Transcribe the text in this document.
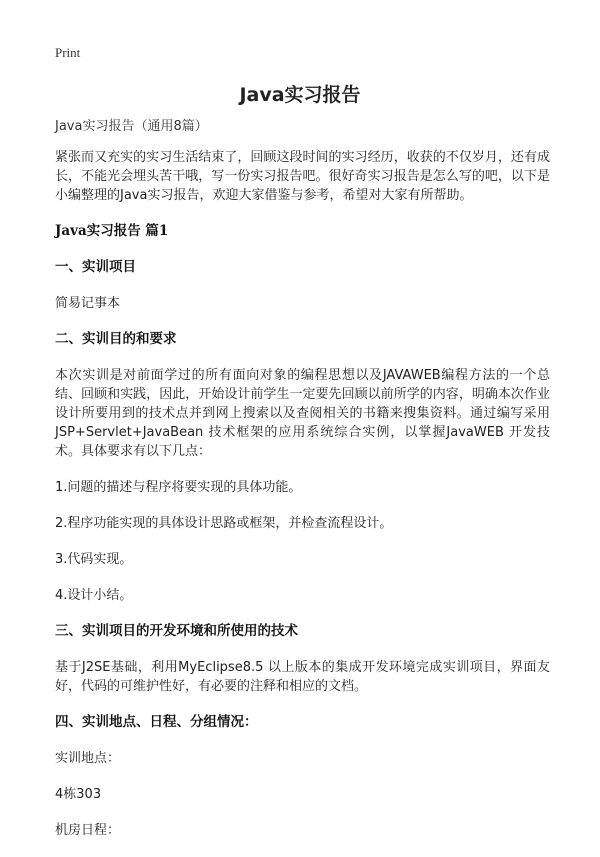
Print
Java实习报告

Java实习报告（通用8篇）

紧张而又充实的实习生活结束了，回顾这段时间的实习经历，收获的不仅岁月，还有成长，不能光会埋头苦干哦，写一份实习报告吧。很好奇实习报告是怎么写的吧，以下是小编整理的Java实习报告，欢迎大家借鉴与参考，希望对大家有所帮助。

Java实习报告 篇1

一、实训项目

简易记事本

二、实训目的和要求

本次实训是对前面学过的所有面向对象的编程思想以及JAVAWEB编程方法的一个总结、回顾和实践，因此，开始设计前学生一定要先回顾以前所学的内容，明确本次作业设计所要用到的技术点并到网上搜索以及查阅相关的书籍来搜集资料。通过编写采用JSP+Servlet+JavaBean 技术框架的应用系统综合实例，以掌握JavaWEB 开发技术。具体要求有以下几点：

1.问题的描述与程序将要实现的具体功能。

2.程序功能实现的具体设计思路或框架，并检查流程设计。

3.代码实现。

4.设计小结。

三、实训项目的开发环境和所使用的技术

基于J2SE基础，利用MyEclipse8.5 以上版本的集成开发环境完成实训项目，界面友好，代码的可维护性好，有必要的注释和相应的文档。

四、实训地点、日程、分组情况：

实训地点：

4栋303

机房日程：
